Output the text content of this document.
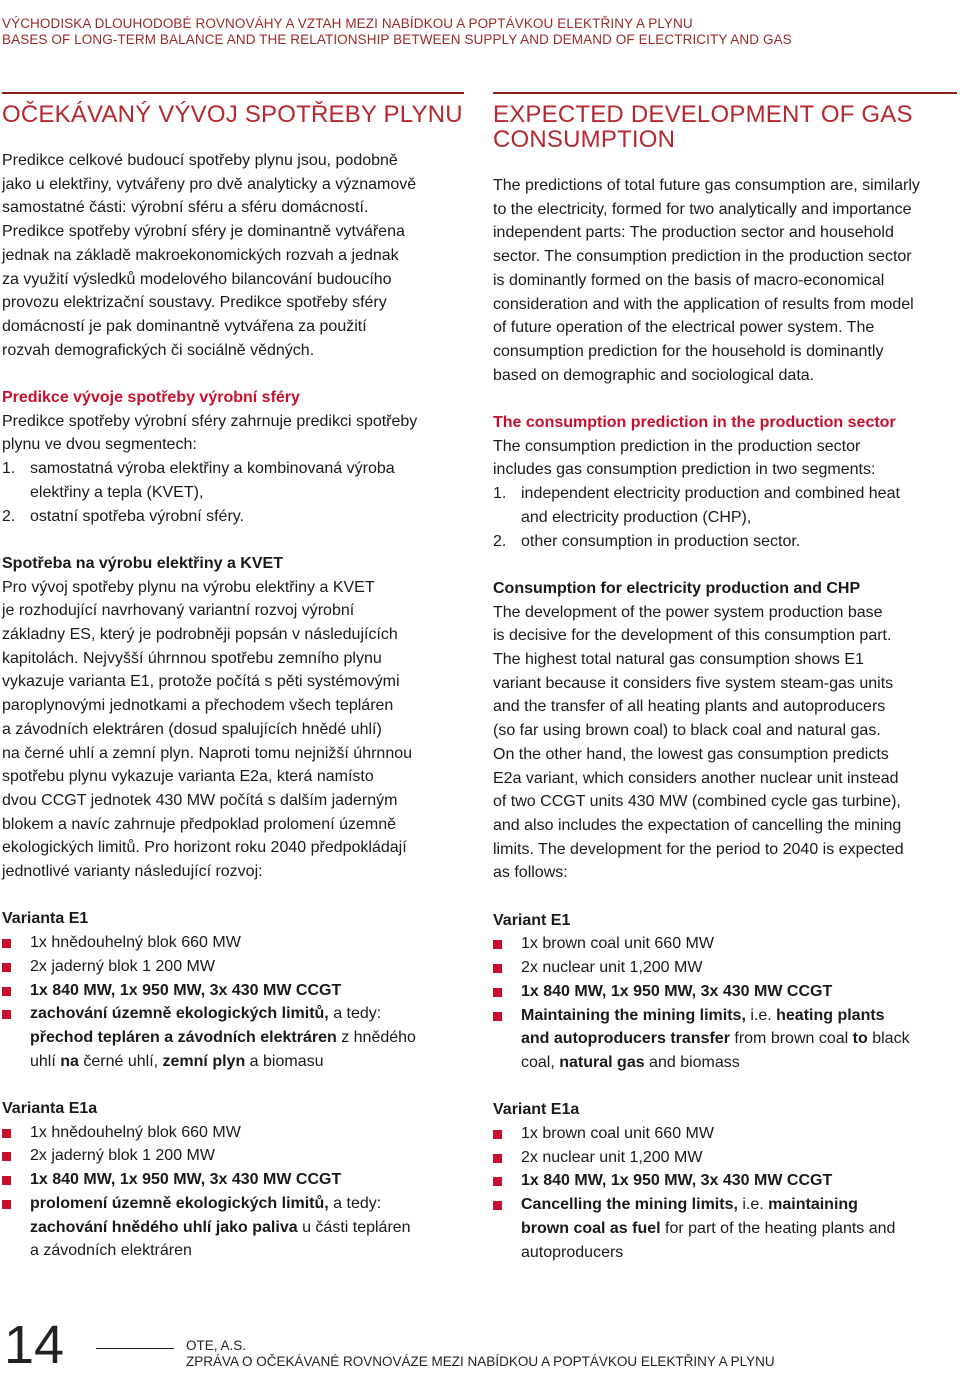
VÝCHODISKA DLOUHODOBÉ ROVNOVÁHY A VZTAH MEZI NABÍDKOU A POPTÁVKOU ELEKTŘINY A PLYNU
BASES OF LONG-TERM BALANCE AND THE RELATIONSHIP BETWEEN SUPPLY AND DEMAND OF ELECTRICITY AND GAS
OČEKÁVANÝ VÝVOJ SPOTŘEBY PLYNU
Predikce celkové budoucí spotřeby plynu jsou, podobně
jako u elektřiny, vytvářeny pro dvě analyticky a významově
samostatné části: výrobní sféru a sféru domácností.
Predikce spotřeby výrobní sféry je dominantně vytvářena
jednak na základě makroekonomických rozvah a jednak
za využití výsledků modelového bilancování budoucího
provozu elektrizační soustavy. Predikce spotřeby sféry
domácností je pak dominantně vytvářena za použití
rozvah demografických či sociálně vědných.
Predikce vývoje spotřeby výrobní sféry
Predikce spotřeby výrobní sféry zahrnuje predikci spotřeby
plynu ve dvou segmentech:
1. samostatná výroba elektřiny a kombinovaná výroba
elektřiny a tepla (KVET),
2. ostatní spotřeba výrobní sféry.
Spotřeba na výrobu elektřiny a KVET
Pro vývoj spotřeby plynu na výrobu elektřiny a KVET
je rozhodující navrhovaný variantní rozvoj výrobní
základny ES, který je podrobněji popsán v následujících
kapitolách. Nejvyšší úhrnnou spotřebu zemního plynu
vykazuje varianta E1, protože počítá s pěti systémovými
paroplynovými jednotkami a přechodem všech tepláren
a závodních elektráren (dosud spalujících hnědé uhlí)
na černé uhlí a zemní plyn. Naproti tomu nejnižší úhrnnou
spotřebu plynu vykazuje varianta E2a, která namísto
dvou CCGT jednotek 430 MW počítá s dalším jaderným
blokem a navíc zahrnuje předpoklad prolomení územně
ekologických limitů. Pro horizont roku 2040 předpokládají
jednotlivé varianty následující rozvoj:
Varianta E1
1x hnědouhelný blok 660 MW
2x jaderný blok 1 200 MW
1x 840 MW, 1x 950 MW, 3x 430 MW CCGT
zachování územně ekologických limitů, a tedy:
přechod tepláren a závodních elektráren z hnědého
uhlí na černé uhlí, zemní plyn a biomasu
Varianta E1a
1x hnědouhelný blok 660 MW
2x jaderný blok 1 200 MW
1x 840 MW, 1x 950 MW, 3x 430 MW CCGT
prolomení územně ekologických limitů, a tedy:
zachování hnědého uhlí jako paliva u části tepláren
a závodních elektráren
EXPECTED DEVELOPMENT OF GAS
CONSUMPTION
The predictions of total future gas consumption are, similarly
to the electricity, formed for two analytically and importance
independent parts: The production sector and household
sector. The consumption prediction in the production sector
is dominantly formed on the basis of macro-economical
consideration and with the application of results from model
of future operation of the electrical power system. The
consumption prediction for the household is dominantly
based on demographic and sociological data.
The consumption prediction in the production sector
The consumption prediction in the production sector
includes gas consumption prediction in two segments:
1. independent electricity production and combined heat
and electricity production (CHP),
2. other consumption in production sector.
Consumption for electricity production and CHP
The development of the power system production base
is decisive for the development of this consumption part.
The highest total natural gas consumption shows E1
variant because it considers five system steam-gas units
and the transfer of all heating plants and autoproducers
(so far using brown coal) to black coal and natural gas.
On the other hand, the lowest gas consumption predicts
E2a variant, which considers another nuclear unit instead
of two CCGT units 430 MW (combined cycle gas turbine),
and also includes the expectation of cancelling the mining
limits. The development for the period to 2040 is expected
as follows:
Variant E1
1x brown coal unit 660 MW
2x nuclear unit 1,200 MW
1x 840 MW, 1x 950 MW, 3x 430 MW CCGT
Maintaining the mining limits, i.e. heating plants
and autoproducers transfer from brown coal to black
coal, natural gas and biomass
Variant E1a
1x brown coal unit 660 MW
2x nuclear unit 1,200 MW
1x 840 MW, 1x 950 MW, 3x 430 MW CCGT
Cancelling the mining limits, i.e. maintaining
brown coal as fuel for part of the heating plants and
autoproducers
14	OTE, A.S.
ZPRÁVA O OČEKÁVANÉ ROVNOVÁZE MEZI NABÍDKOU A POPTÁVKOU ELEKTŘINY A PLYNU
